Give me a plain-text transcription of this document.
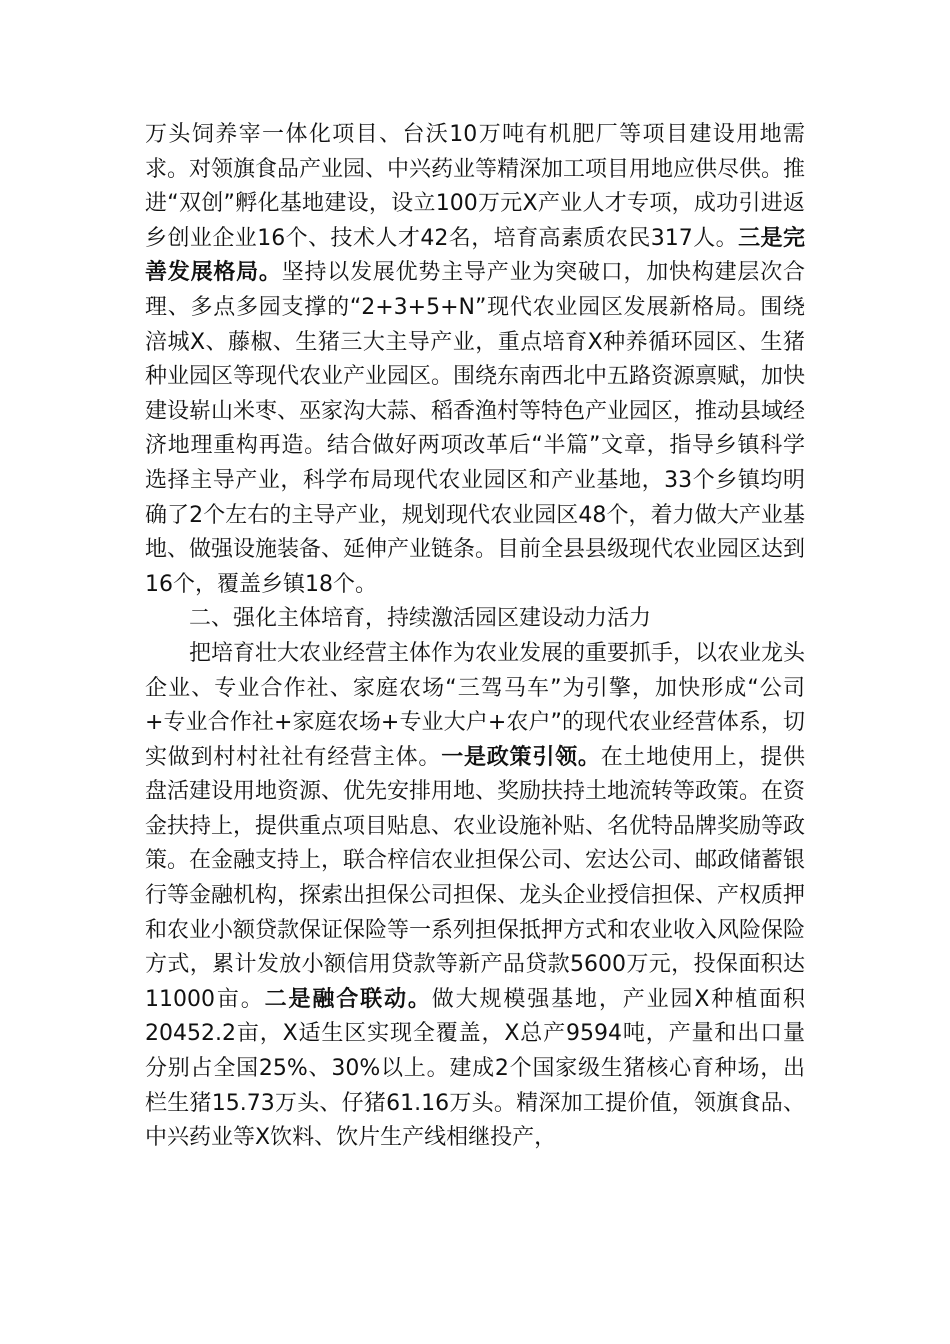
万头饲养宰一体化项目、台沃10万吨有机肥厂等项目建设用地需求。对领旗食品产业园、中兴药业等精深加工项目用地应供尽供。推进“双创”孵化基地建设，设立100万元X产业人才专项，成功引进返乡创业企业16个、技术人才42名，培育高素质农民317人。三是完善发展格局。坚持以发展优势主导产业为突破口，加快构建层次合理、多点多园支撑的“2+3+5+N”现代农业园区发展新格局。围绕涪城X、藤椒、生猪三大主导产业，重点培育X种养循环园区、生猪种业园区等现代农业产业园区。围绕东南西北中五路资源禀赋，加快建设崭山米枣、巫家沟大蒜、稻香渔村等特色产业园区，推动县域经济地理重构再造。结合做好两项改革后“半篇”文章，指导乡镇科学选择主导产业，科学布局现代农业园区和产业基地，33个乡镇均明确了2个左右的主导产业，规划现代农业园区48个，着力做大产业基地、做强设施装备、延伸产业链条。目前全县县级现代农业园区达到16个，覆盖乡镇18个。

二、强化主体培育，持续激活园区建设动力活力

把培育壮大农业经营主体作为农业发展的重要抓手，以农业龙头企业、专业合作社、家庭农场“三驾马车”为引擎，加快形成“公司+专业合作社+家庭农场+专业大户+农户”的现代农业经营体系，切实做到村村社社有经营主体。一是政策引领。在土地使用上，提供盘活建设用地资源、优先安排用地、奖励扶持土地流转等政策。在资金扶持上，提供重点项目贴息、农业设施补贴、名优特品牌奖励等政策。在金融支持上，联合梓信农业担保公司、宏达公司、邮政储蓄银行等金融机构，探索出担保公司担保、龙头企业授信担保、产权质押和农业小额贷款保证保险等一系列担保抵押方式和农业收入风险保险方式，累计发放小额信用贷款等新产品贷款5600万元，投保面积达11000亩。二是融合联动。做大规模强基地，产业园X种植面积20452.2亩，X适生区实现全覆盖，X总产9594吨，产量和出口量分别占全国25%、30%以上。建成2个国家级生猪核心育种场，出栏生猪15.73万头、仔猪61.16万头。精深加工提价值，领旗食品、中兴药业等X饮料、饮片生产线相继投产，
